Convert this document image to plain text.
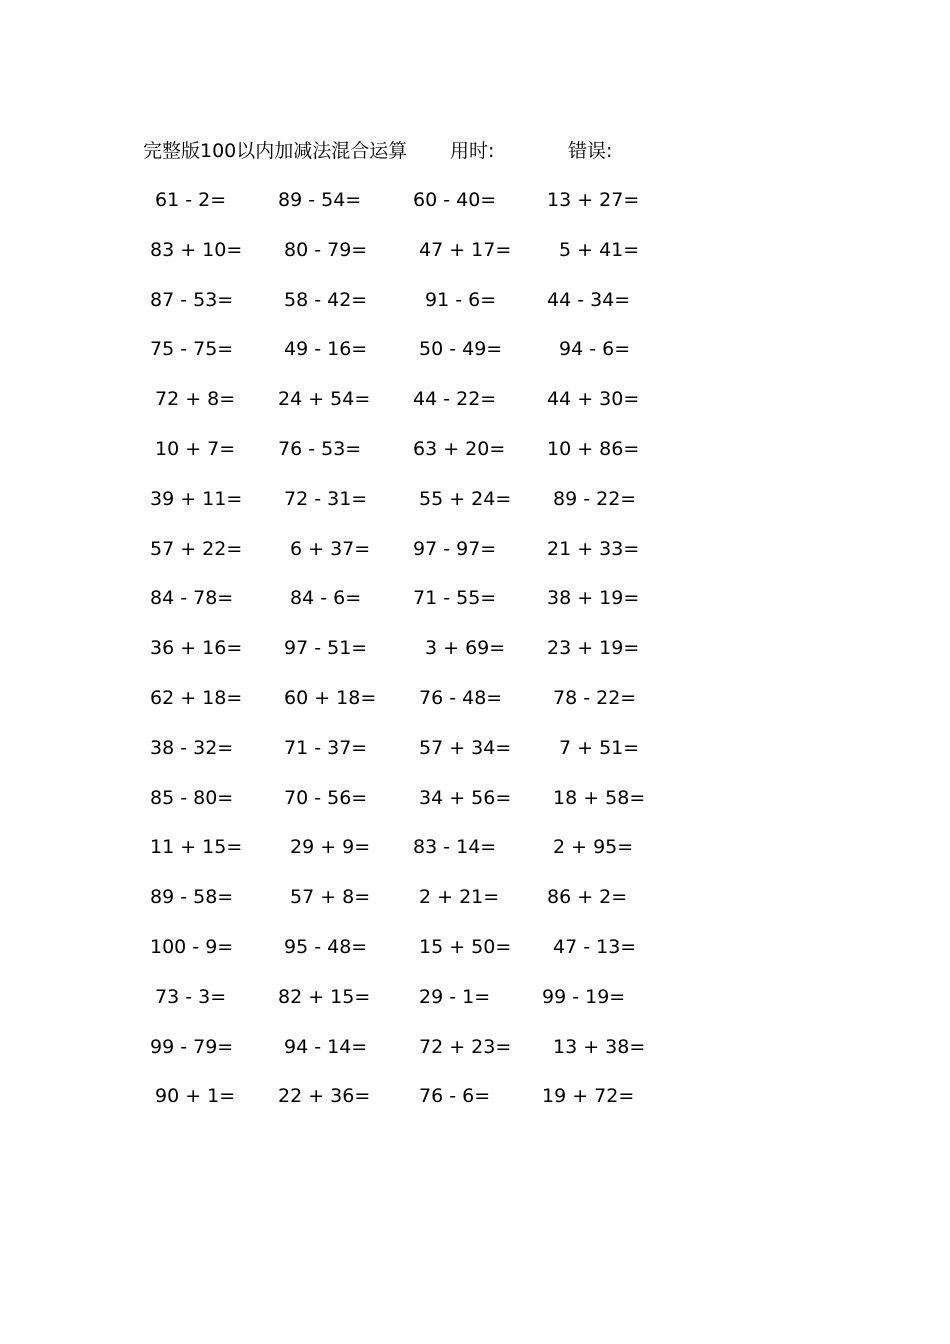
完整版100以内加减法混合运算 用时:	错误:
61 - 2=	89 - 54=	60 - 40=	13 + 27=
83 + 10= 80 - 79=	47 + 17=	5 + 41=
87 - 53=	58 - 42=	91 - 6=	44 - 34=
75 - 75=	49 - 16=	50 - 49=	94 - 6=
72 + 8= 24 + 54= 44 - 22=	44 + 30=
10 + 7= 76 - 53=	63 + 20= 10 + 86=
39 + 11= 72 - 31=	55 + 24= 89 - 22=
57 + 22=	6 + 37= 97 - 97=	21 + 33=
84 - 78=	84 - 6=	71 - 55=	38 + 19=
36 + 16= 97 - 51=	3 + 69= 23 + 19=
62 + 18= 60 + 18= 76 - 48=	78 - 22=
38 - 32=	71 - 37=	57 + 34=	7 + 51=
85 - 80=	70 - 56=	34 + 56= 18 + 58=
11 + 15=	29 + 9= 83 - 14=	2 + 95=
89 - 58=	57 + 8=	2 + 21=	86 + 2=
100 - 9=	95 - 48=	15 + 50= 47 - 13=
73 - 3=	82 + 15=	29 - 1=	99 - 19=
99 - 79=	94 - 14=	72 + 23= 13 + 38=
90 + 1= 22 + 36=	76 - 6=	19 + 72=
